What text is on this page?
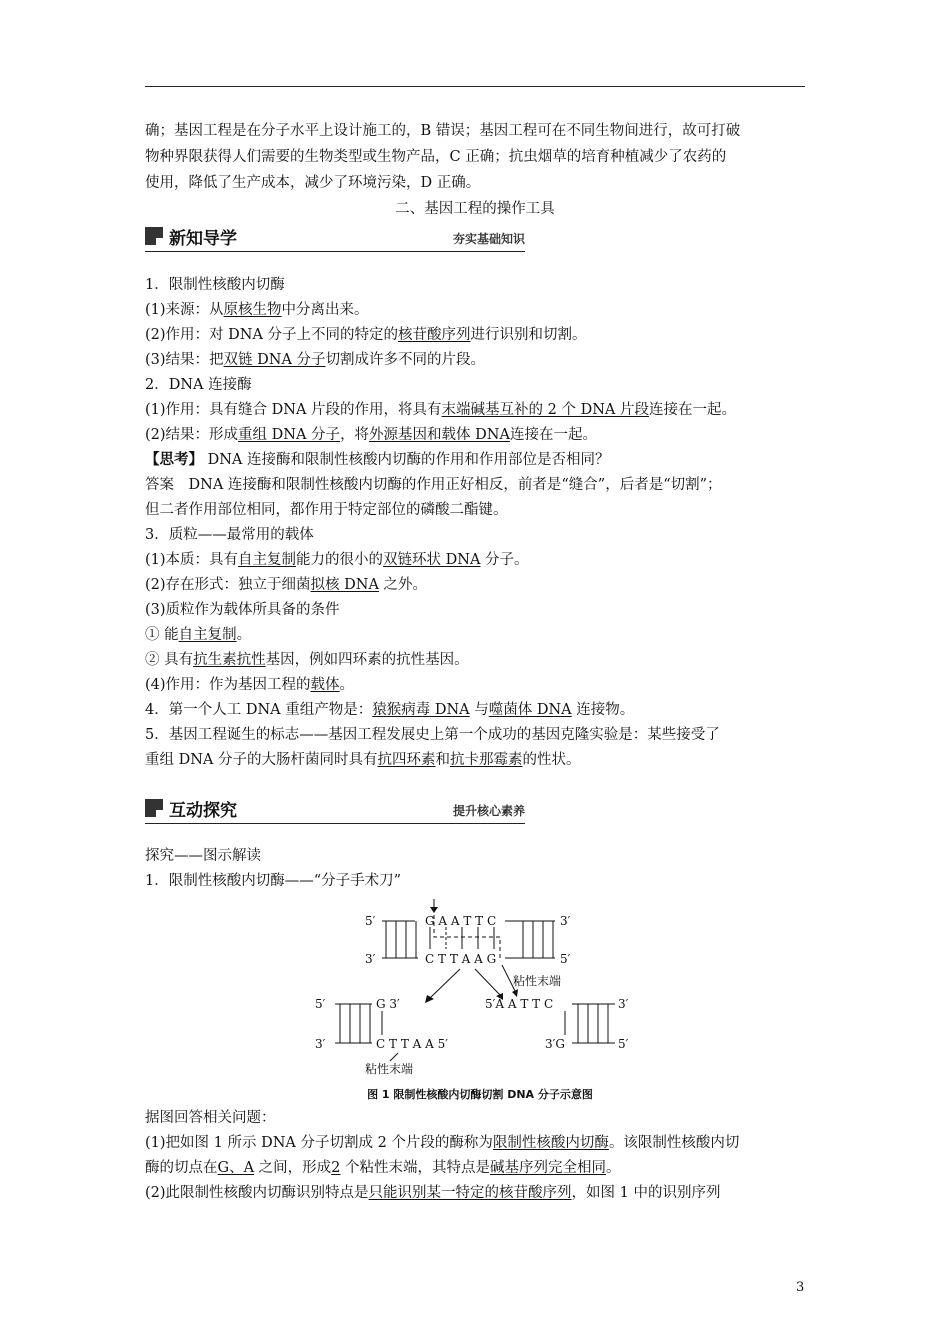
确；基因工程是在分子水平上设计施工的，B 错误；基因工程可在不同生物间进行，故可打破
物种界限获得人们需要的生物类型或生物产品，C 正确；抗虫烟草的培育种植减少了农药的
使用，降低了生产成本，减少了环境污染，D 正确。
二、基因工程的操作工具
新知导学	夯实基础知识
1．限制性核酸内切酶
(1)来源：从原核生物中分离出来。
(2)作用：对 DNA 分子上不同的特定的核苷酸序列进行识别和切割。
(3)结果：把双链 DNA 分子切割成许多不同的片段。
2．DNA 连接酶
(1)作用：具有缝合 DNA 片段的作用，将具有末端碱基互补的 2 个 DNA 片段连接在一起。
(2)结果：形成重组 DNA 分子，将外源基因和载体 DNA连接在一起。
【思考】 DNA 连接酶和限制性核酸内切酶的作用和作用部位是否相同？
答案　DNA 连接酶和限制性核酸内切酶的作用正好相反，前者是“缝合”，后者是“切割”；
但二者作用部位相同，都作用于特定部位的磷酸二酯键。
3．质粒——最常用的载体
(1)本质：具有自主复制能力的很小的双链环状 DNA 分子。
(2)存在形式：独立于细菌拟核 DNA 之外。
(3)质粒作为载体所具备的条件
① 能自主复制。
② 具有抗生素抗性基因，例如四环素的抗性基因。
(4)作用：作为基因工程的载体。
4．第一个人工 DNA 重组产物是：猿猴病毒 DNA 与噬菌体 DNA 连接物。
5．基因工程诞生的标志——基因工程发展史上第一个成功的基因克隆实验是：某些接受了
重组 DNA 分子的大肠杆菌同时具有抗四环素和抗卡那霉素的性状。
互动探究	提升核心素养
探究——图示解读
1．限制性核酸内切酶——“分子手术刀”
5′	G A A T T C	3′
3′	C T T A A G	5′
粘性末端
5′	G 3′
3′	C T T A A 5′
粘性末端
5′A A T T C	3′
3′G	5′
图 1 限制性核酸内切酶切割 DNA 分子示意图
据图回答相关问题：
(1)把如图 1 所示 DNA 分子切割成 2 个片段的酶称为限制性核酸内切酶。该限制性核酸内切
酶的切点在G、A 之间，形成2 个粘性末端，其特点是碱基序列完全相同。
(2)此限制性核酸内切酶识别特点是只能识别某一特定的核苷酸序列，如图 1 中的识别序列
3
